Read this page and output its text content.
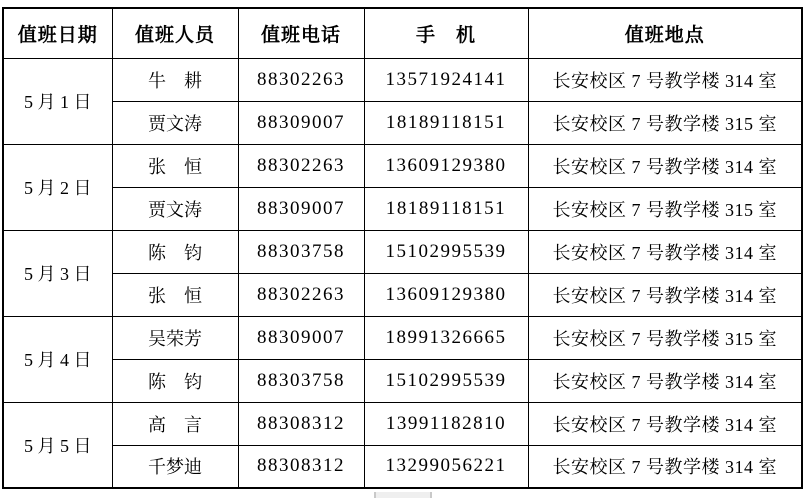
值班日期	值班人员	值班电话	手　机	值班地点
5 月 1 日	牛　耕	88302263	13571924141	长安校区 7 号教学楼 314 室
	贾文涛	88309007	18189118151	长安校区 7 号教学楼 315 室
5 月 2 日	张　恒	88302263	13609129380	长安校区 7 号教学楼 314 室
	贾文涛	88309007	18189118151	长安校区 7 号教学楼 315 室
5 月 3 日	陈　钧	88303758	15102995539	长安校区 7 号教学楼 314 室
	张　恒	88302263	13609129380	长安校区 7 号教学楼 314 室
5 月 4 日	吴荣芳	88309007	18991326665	长安校区 7 号教学楼 315 室
	陈　钧	88303758	15102995539	长安校区 7 号教学楼 314 室
5 月 5 日	高　言	88308312	13991182810	长安校区 7 号教学楼 314 室
	千梦迪	88308312	13299056221	长安校区 7 号教学楼 314 室
